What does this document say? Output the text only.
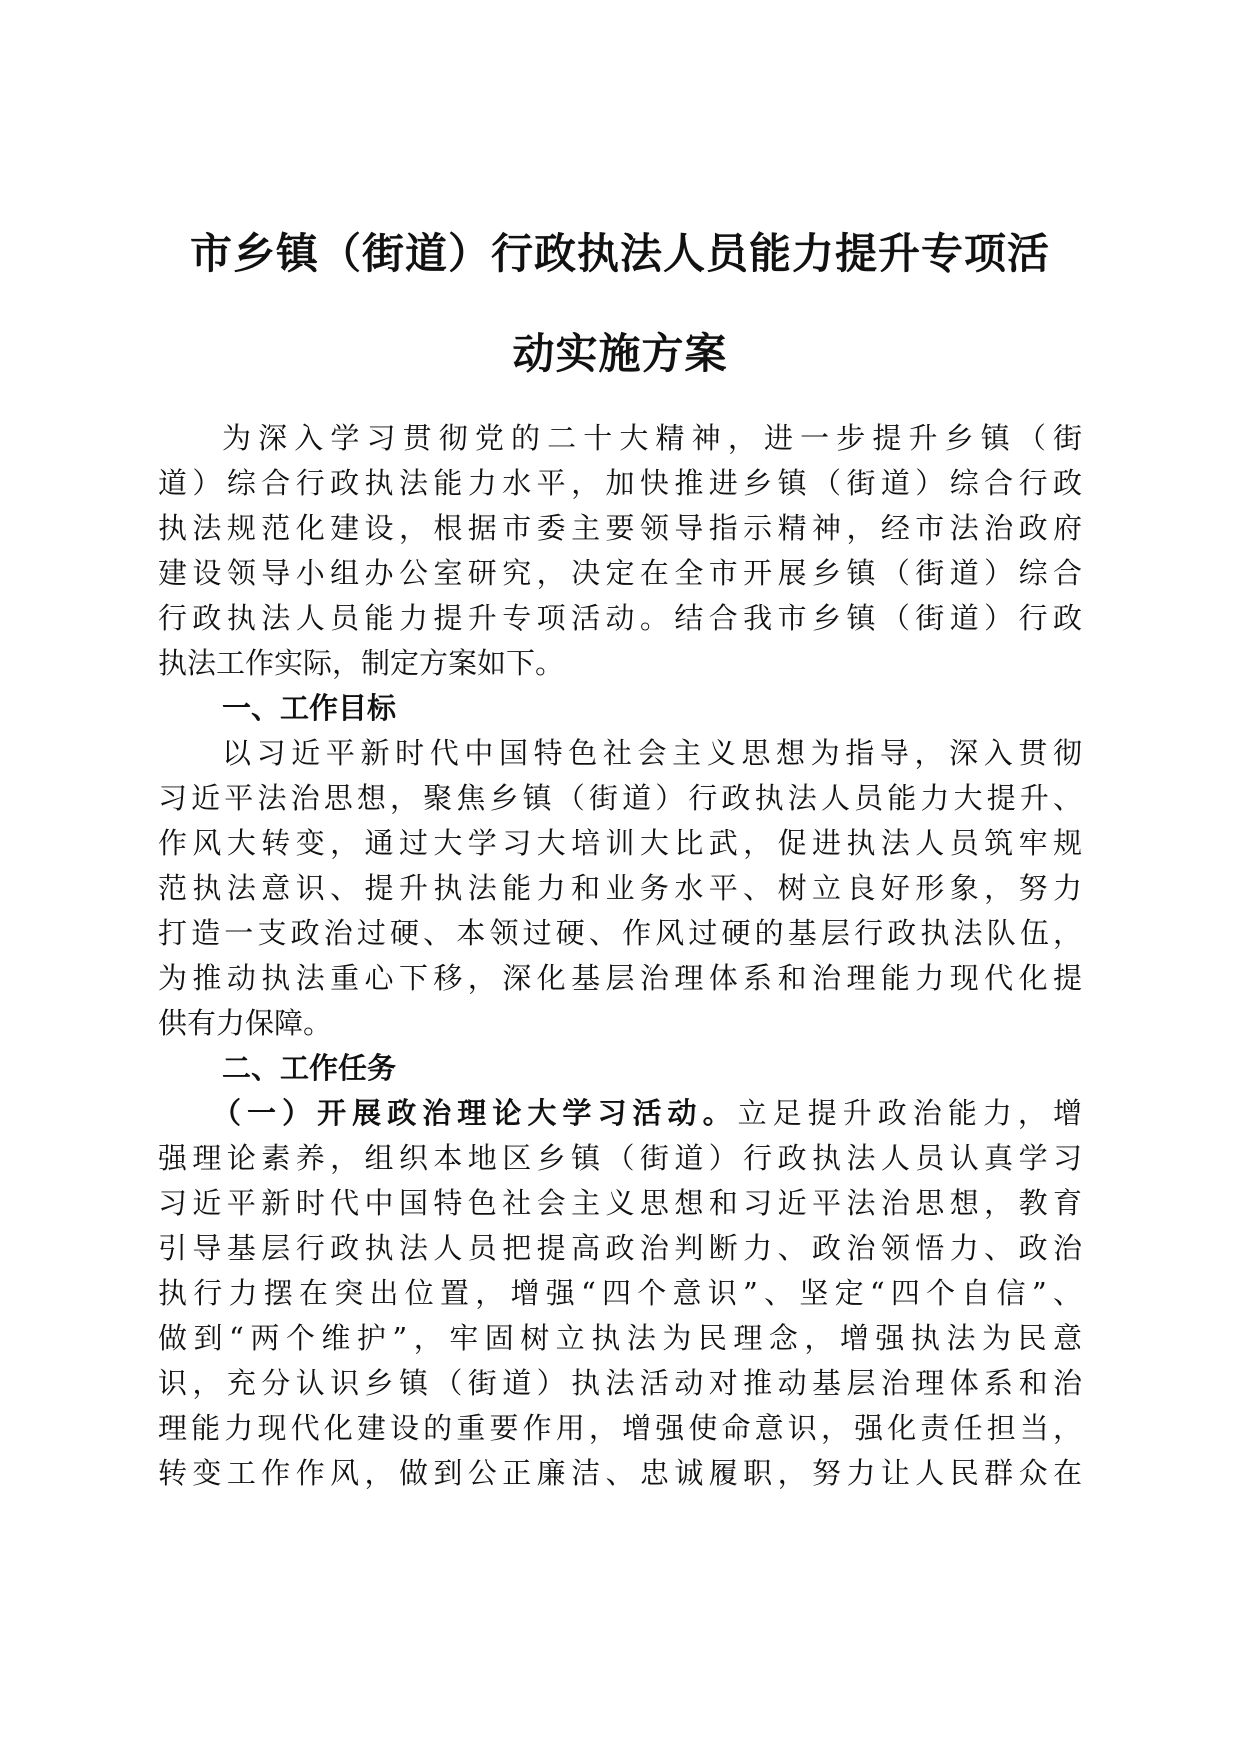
市乡镇（街道）行政执法人员能力提升专项活
动实施方案
为深入学习贯彻党的二十大精神，进一步提升乡镇（街
道）综合行政执法能力水平，加快推进乡镇（街道）综合行政
执法规范化建设，根据市委主要领导指示精神，经市法治政府
建设领导小组办公室研究，决定在全市开展乡镇（街道）综合
行政执法人员能力提升专项活动。结合我市乡镇（街道）行政
执法工作实际，制定方案如下。
一、工作目标
以习近平新时代中国特色社会主义思想为指导，深入贯彻
习近平法治思想，聚焦乡镇（街道）行政执法人员能力大提升、
作风大转变，通过大学习大培训大比武，促进执法人员筑牢规
范执法意识、提升执法能力和业务水平、树立良好形象，努力
打造一支政治过硬、本领过硬、作风过硬的基层行政执法队伍，
为推动执法重心下移，深化基层治理体系和治理能力现代化提
供有力保障。
二、工作任务
（一）开展政治理论大学习活动。立足提升政治能力，增
强理论素养，组织本地区乡镇（街道）行政执法人员认真学习
习近平新时代中国特色社会主义思想和习近平法治思想，教育
引导基层行政执法人员把提高政治判断力、政治领悟力、政治
执行力摆在突出位置，增强“四个意识”、坚定“四个自信”、
做到“两个维护”，牢固树立执法为民理念，增强执法为民意
识，充分认识乡镇（街道）执法活动对推动基层治理体系和治
理能力现代化建设的重要作用，增强使命意识，强化责任担当，
转变工作作风，做到公正廉洁、忠诚履职，努力让人民群众在
